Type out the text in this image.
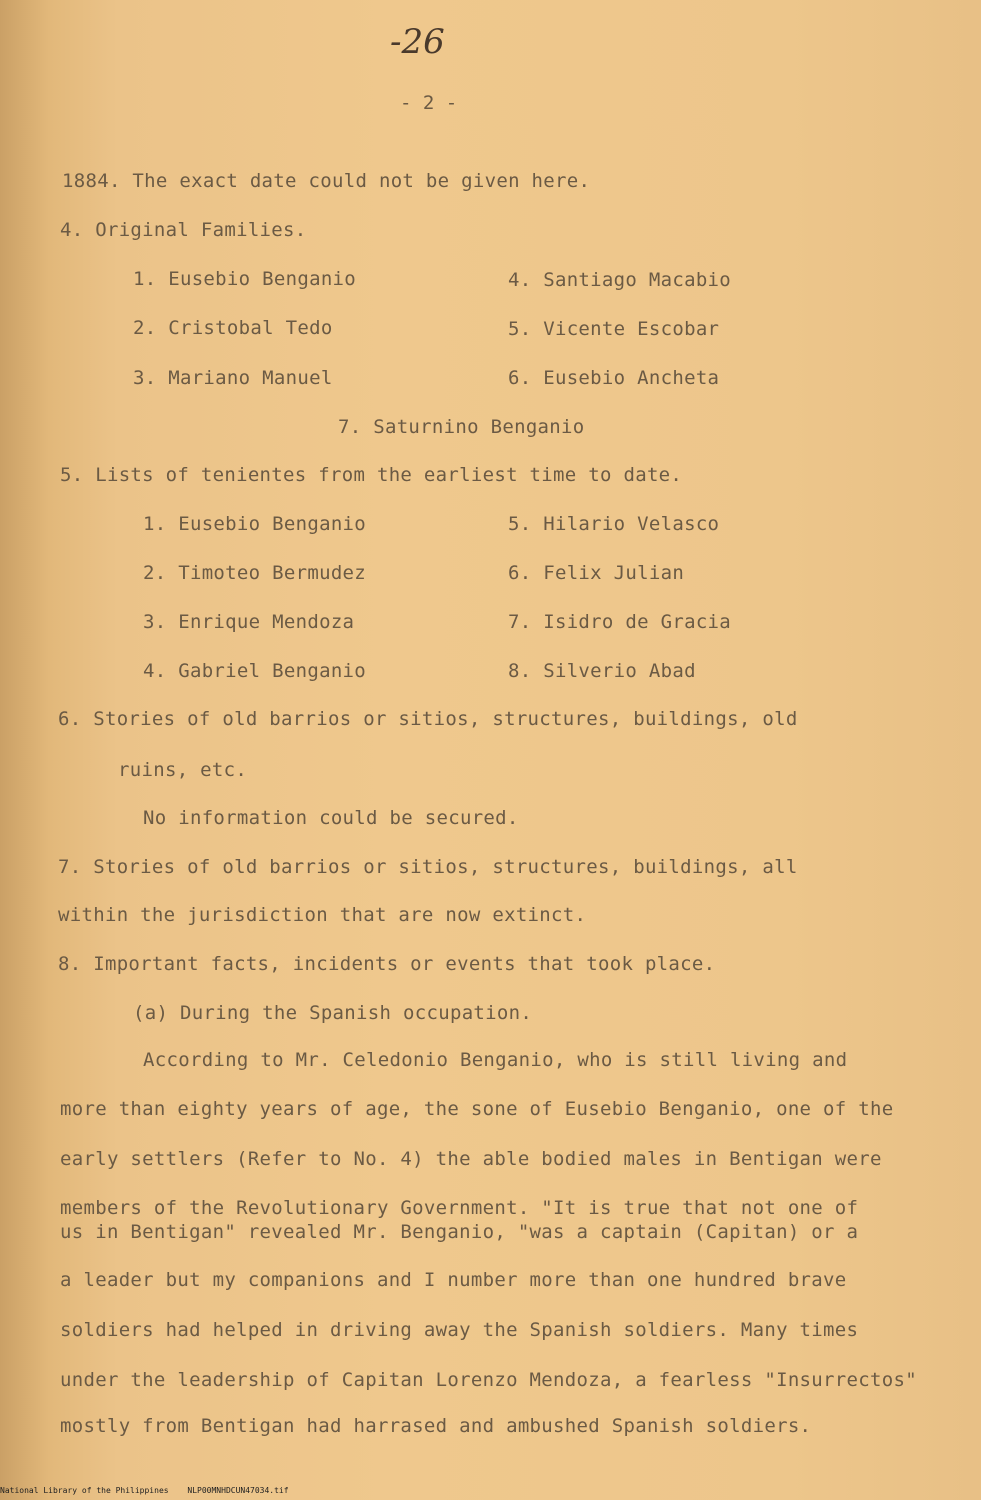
-26
- 2 -
1884. The exact date could not be given here.
4. Original Families.
1. Eusebio Benganio
2. Cristobal Tedo
3. Mariano Manuel
4. Santiago Macabio
5. Vicente Escobar
6. Eusebio Ancheta
7. Saturnino Benganio
5. Lists of tenientes from the earliest time to date.
1. Eusebio Benganio
2. Timoteo Bermudez
3. Enrique Mendoza
4. Gabriel Benganio
5. Hilario Velasco
6. Felix Julian
7. Isidro de Gracia
8. Silverio Abad
6. Stories of old barrios or sitios, structures, buildings, old
ruins, etc.
No information could be secured.
7. Stories of old barrios or sitios, structures, buildings, all
within the jurisdiction that are now extinct.
8. Important facts, incidents or events that took place.
(a) During the Spanish occupation.
According to Mr. Celedonio Benganio, who is still living and
more than eighty years of age, the sone of Eusebio Benganio, one of the
early settlers (Refer to No. 4) the able bodied males in Bentigan were
members of the Revolutionary Government. "It is true that not one of
us in Bentigan" revealed Mr. Benganio, "was a captain (Capitan) or a
a leader but my companions and I number more than one hundred brave
soldiers had helped in driving away the Spanish soldiers. Many times
under the leadership of Capitan Lorenzo Mendoza, a fearless "Insurrectos"
mostly from Bentigan had harrased and ambushed Spanish soldiers.
National Library of the Philippines NLP00MNHDCUN47034.tif
